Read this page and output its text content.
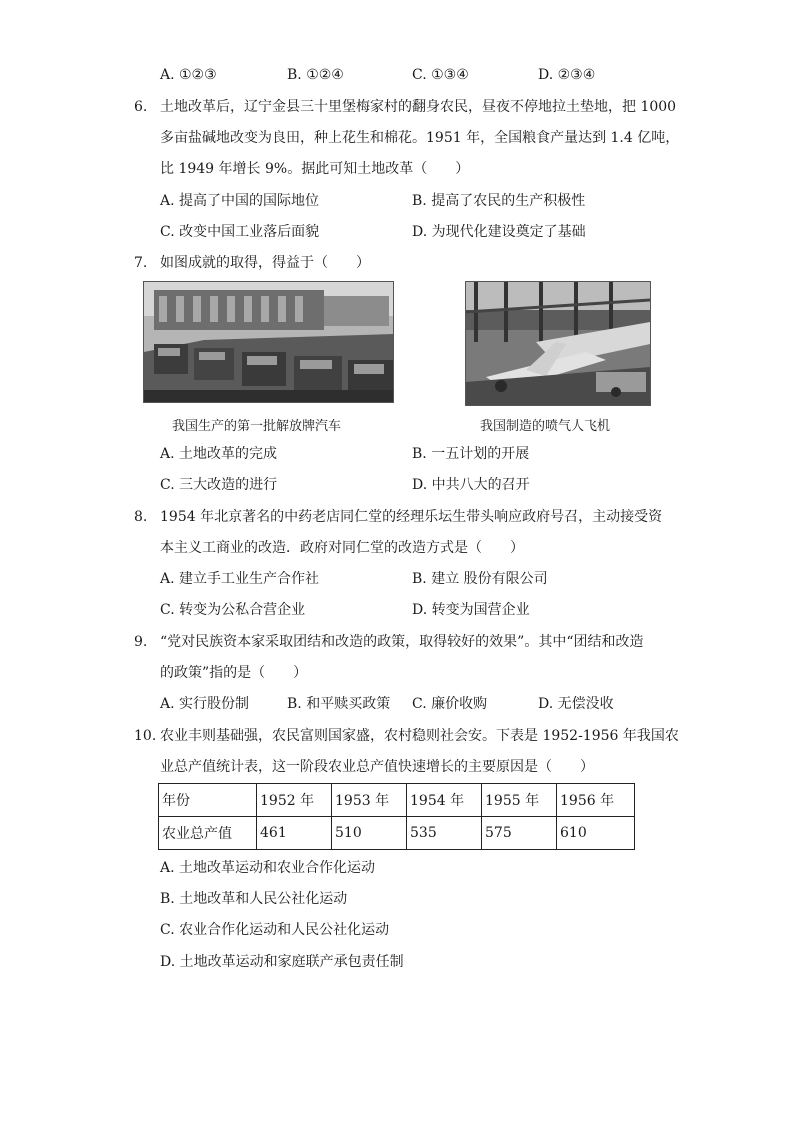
A. ①②③	B. ①②④	C. ①③④	D. ②③④
6. 土地改革后，辽宁金县三十里堡梅家村的翻身农民，昼夜不停地拉土垫地，把 1000
多亩盐碱地改变为良田，种上花生和棉花。1951 年，全国粮食产量达到 1.4 亿吨，
比 1949 年增长 9%。据此可知土地改革（　　）
A. 提高了中国的国际地位	B. 提高了农民的生产积极性
C. 改变中国工业落后面貌	D. 为现代化建设奠定了基础
7. 如图成就的取得，得益于（　　）
我国生产的第一批解放牌汽车	我国制造的喷气人飞机
A. 土地改革的完成	B. 一五计划的开展
C. 三大改造的进行	D. 中共八大的召开
8. 1954 年北京著名的中药老店同仁堂的经理乐坛生带头响应政府号召，主动接受资
本主义工商业的改造．政府对同仁堂的改造方式是（　　）
A. 建立手工业生产合作社	B. 建立 股份有限公司
C. 转变为公私合营企业	D. 转变为国营企业
9. “党对民族资本家采取团结和改造的政策，取得较好的效果”。其中“团结和改造
的政策”指的是（　　）
A. 实行股份制	B. 和平赎买政策 C. 廉价收购	D. 无偿没收
10. 农业丰则基础强，农民富则国家盛，农村稳则社会安。下表是 1952-1956 年我国农
业总产值统计表，这一阶段农业总产值快速增长的主要原因是（　　）
年份	1952 年	1953 年	1954 年	1955 年	1956 年
农业总产值	461	510	535	575	610
A. 土地改革运动和农业合作化运动
B. 土地改革和人民公社化运动
C. 农业合作化运动和人民公社化运动
D. 土地改革运动和家庭联产承包责任制
